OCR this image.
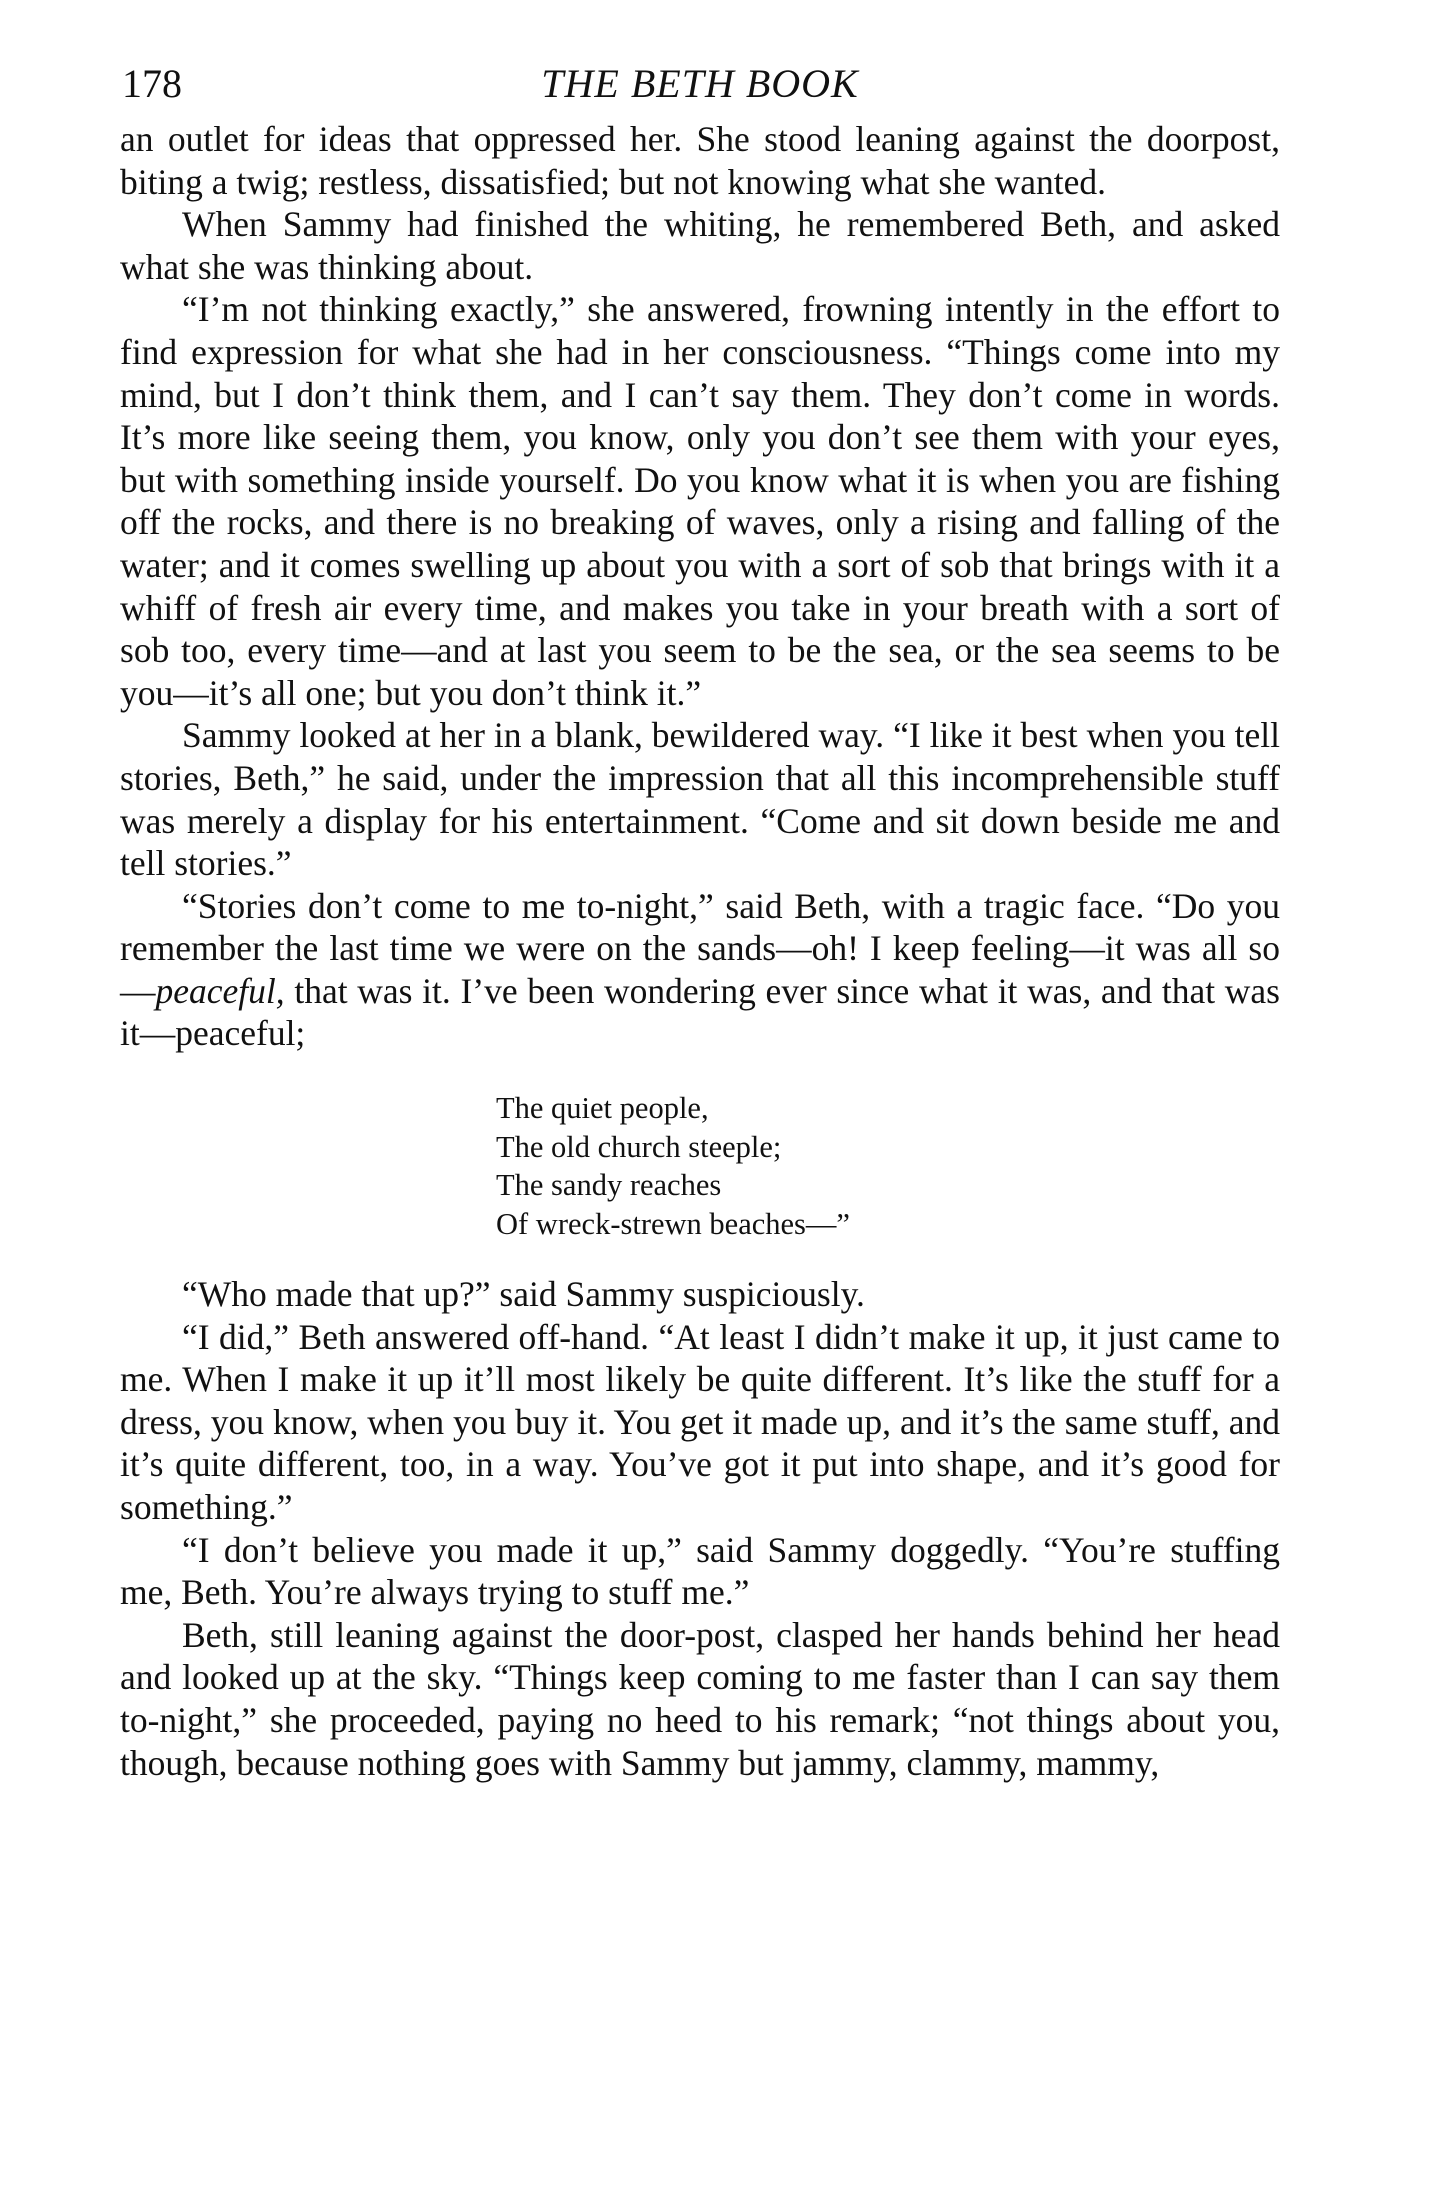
178	THE BETH BOOK

an outlet for ideas that oppressed her. She stood leaning against the doorpost, biting a twig; restless, dissatisfied; but not knowing what she wanted.

When Sammy had finished the whiting, he remembered Beth, and asked what she was thinking about.

“I’m not thinking exactly,” she answered, frowning intently in the effort to find expression for what she had in her consciousness. “Things come into my mind, but I don’t think them, and I can’t say them. They don’t come in words. It’s more like seeing them, you know, only you don’t see them with your eyes, but with something inside yourself. Do you know what it is when you are fishing off the rocks, and there is no breaking of waves, only a rising and falling of the water; and it comes swelling up about you with a sort of sob that brings with it a whiff of fresh air every time, and makes you take in your breath with a sort of sob too, every time—and at last you seem to be the sea, or the sea seems to be you—it’s all one; but you don’t think it.”

Sammy looked at her in a blank, bewildered way. “I like it best when you tell stories, Beth,” he said, under the impression that all this incomprehensible stuff was merely a display for his entertainment. “Come and sit down beside me and tell stories.”

“Stories don’t come to me to-night,” said Beth, with a tragic face. “Do you remember the last time we were on the sands—oh! I keep feeling—it was all so—peaceful, that was it. I’ve been wondering ever since what it was, and that was it—peaceful;

The quiet people,
The old church steeple;
The sandy reaches
Of wreck-strewn beaches—”

“Who made that up?” said Sammy suspiciously.

“I did,” Beth answered off-hand. “At least I didn’t make it up, it just came to me. When I make it up it’ll most likely be quite different. It’s like the stuff for a dress, you know, when you buy it. You get it made up, and it’s the same stuff, and it’s quite different, too, in a way. You’ve got it put into shape, and it’s good for something.”

“I don’t believe you made it up,” said Sammy doggedly. “You’re stuffing me, Beth. You’re always trying to stuff me.”

Beth, still leaning against the door-post, clasped her hands behind her head and looked up at the sky. “Things keep coming to me faster than I can say them to-night,” she proceeded, paying no heed to his remark; “not things about you, though, because nothing goes with Sammy but jammy, clammy, mammy,
